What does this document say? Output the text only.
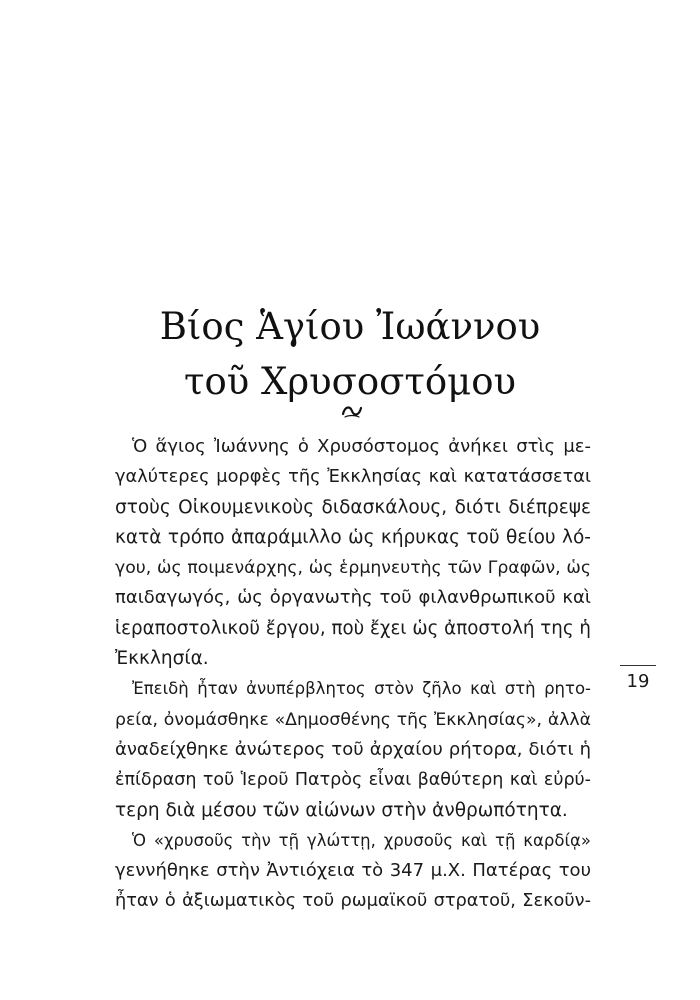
Βίος Ἁγίου Ἰωάννου
τοῦ Χρυσοστόμου
Ὁ ἅγιος Ἰωάννης ὁ Χρυσόστομος ἀνήκει στὶς με-
γαλύτερες μορφὲς τῆς Ἐκκλησίας καὶ κατατάσσεται
στοὺς Οἰκουμενικοὺς διδασκάλους, διότι διέπρεψε
κατὰ τρόπο ἀπαράμιλλο ὡς κήρυκας τοῦ θείου λό-
γου, ὡς ποιμενάρχης, ὡς ἑρμηνευτὴς τῶν Γραφῶν, ὡς
παιδαγωγός, ὡς ὀργανωτὴς τοῦ φιλανθρωπικοῦ καὶ
ἱεραποστολικοῦ ἔργου, ποὺ ἔχει ὡς ἀποστολή της ἡ
Ἐκκλησία.
Ἐπειδὴ ἦταν ἀνυπέρβλητος στὸν ζῆλο καὶ στὴ ρητο-
ρεία, ὀνομάσθηκε «Δημοσθένης τῆς Ἐκκλησίας», ἀλλὰ
ἀναδείχθηκε ἀνώτερος τοῦ ἀρχαίου ρήτορα, διότι ἡ
ἐπίδραση τοῦ Ἱεροῦ Πατρὸς εἶναι βαθύτερη καὶ εὐρύ-
τερη διὰ μέσου τῶν αἰώνων στὴν ἀνθρωπότητα.
Ὁ «χρυσοῦς τὴν τῇ γλώττῃ, χρυσοῦς καὶ τῇ καρδίᾳ»
γεννήθηκε στὴν Ἀντιόχεια τὸ 347 μ.Χ. Πατέρας του
ἦταν ὁ ἀξιωματικὸς τοῦ ρωμαϊκοῦ στρατοῦ, Σεκοῦν-
19
